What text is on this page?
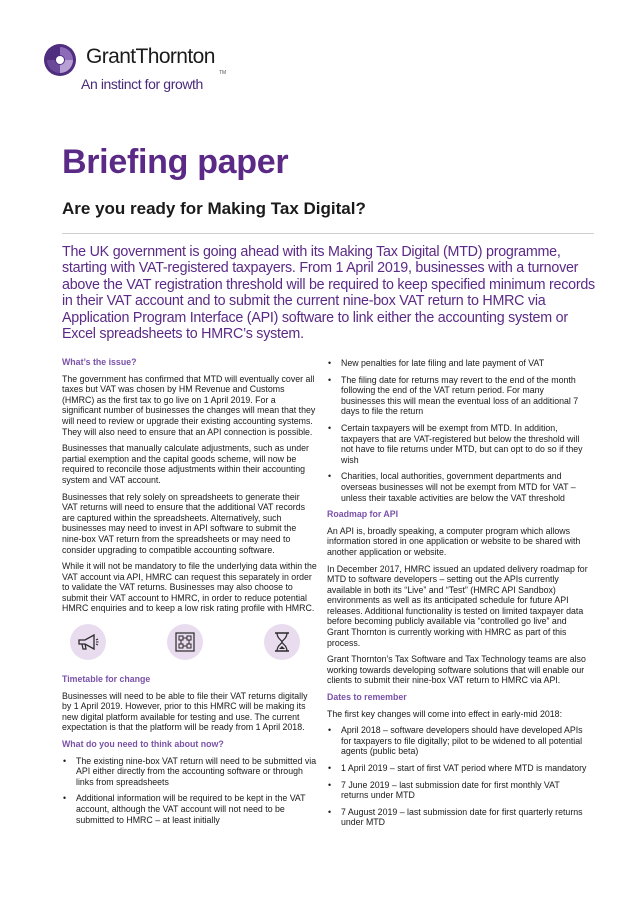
GrantThornton
An instinct for growth
TM
Briefing paper
Are you ready for Making Tax Digital?

The UK government is going ahead with its Making Tax Digital (MTD) programme, starting with VAT-registered taxpayers. From 1 April 2019, businesses with a turnover above the VAT registration threshold will be required to keep specified minimum records in their VAT account and to submit the current nine-box VAT return to HMRC via Application Program Interface (API) software to link either the accounting system or Excel spreadsheets to HMRC’s system.

What’s the issue?

The government has confirmed that MTD will eventually cover all taxes but VAT was chosen by HM Revenue and Customs (HMRC) as the first tax to go live on 1 April 2019. For a significant number of businesses the changes will mean that they will need to review or upgrade their existing accounting systems. They will also need to ensure that an API connection is possible.

Businesses that manually calculate adjustments, such as under partial exemption and the capital goods scheme, will now be required to reconcile those adjustments within their accounting system and VAT account.

Businesses that rely solely on spreadsheets to generate their VAT returns will need to ensure that the additional VAT records are captured within the spreadsheets. Alternatively, such businesses may need to invest in API software to submit the nine-box VAT return from the spreadsheets or may need to consider upgrading to compatible accounting software.

While it will not be mandatory to file the underlying data within the VAT account via API, HMRC can request this separately in order to validate the VAT returns. Businesses may also choose to submit their VAT account to HMRC, in order to reduce potential HMRC enquiries and to keep a low risk rating profile with HMRC.

Timetable for change

Businesses will need to be able to file their VAT returns digitally by 1 April 2019. However, prior to this HMRC will be making its new digital platform available for testing and use. The current expectation is that the platform will be ready from 1 April 2018.

What do you need to think about now?
• The existing nine-box VAT return will need to be submitted via API either directly from the accounting software or through links from spreadsheets
• Additional information will be required to be kept in the VAT account, although the VAT account will not need to be submitted to HMRC – at least initially
• New penalties for late filing and late payment of VAT
• The filing date for returns may revert to the end of the month following the end of the VAT return period. For many businesses this will mean the eventual loss of an additional 7 days to file the return
• Certain taxpayers will be exempt from MTD. In addition, taxpayers that are VAT-registered but below the threshold will not have to file returns under MTD, but can opt to do so if they wish
• Charities, local authorities, government departments and overseas businesses will not be exempt from MTD for VAT – unless their taxable activities are below the VAT threshold
Roadmap for API

An API is, broadly speaking, a computer program which allows information stored in one application or website to be shared with another application or website.

In December 2017, HMRC issued an updated delivery roadmap for MTD to software developers – setting out the APIs currently available in both its “Live” and “Test” (HMRC API Sandbox) environments as well as its anticipated schedule for future API releases. Additional functionality is tested on limited taxpayer data before becoming publicly available via “controlled go live” and Grant Thornton is currently working with HMRC as part of this process.

Grant Thornton’s Tax Software and Tax Technology teams are also working towards developing software solutions that will enable our clients to submit their nine-box VAT return to HMRC via API.

Dates to remember

The first key changes will come into effect in early-mid 2018:

• April 2018 – software developers should have developed APIs for taxpayers to file digitally; pilot to be widened to all potential agents (public beta)
• 1 April 2019 – start of first VAT period where MTD is mandatory
• 7 June 2019 – last submission date for first monthly VAT returns under MTD
• 7 August 2019 – last submission date for first quarterly returns under MTD
